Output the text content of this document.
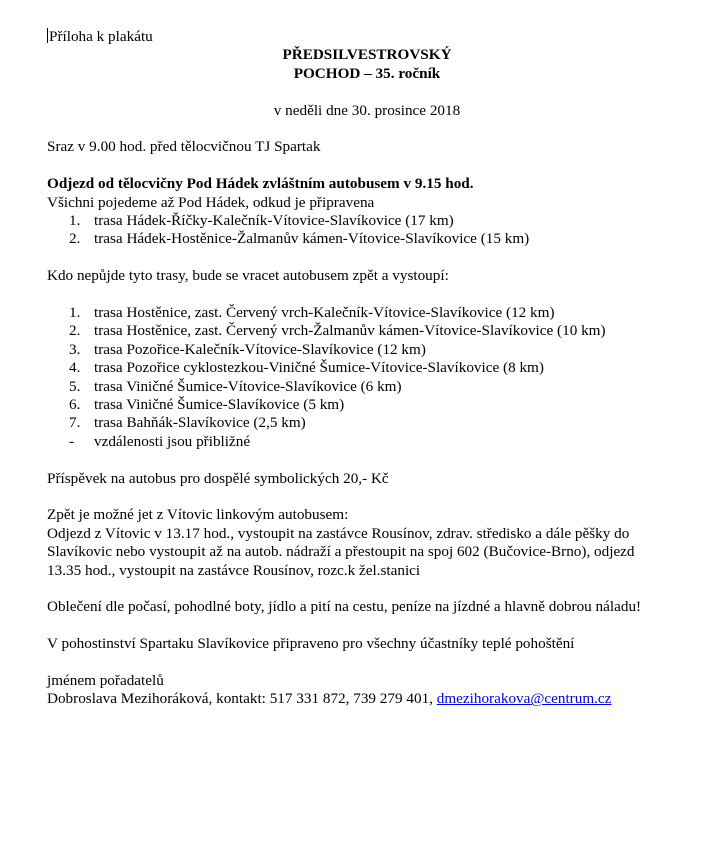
Příloha k plakátu
PŘEDSILVESTROVSKÝ
POCHOD – 35. ročník
v neděli dne 30. prosince 2018
Sraz v 9.00 hod. před tělocvičnou TJ Spartak
Odjezd od tělocvičny Pod Hádek zvláštním autobusem v 9.15 hod.
Všichni pojedeme až Pod Hádek, odkud je připravena
1. trasa Hádek-Říčky-Kalečník-Vítovice-Slavíkovice (17 km)
2. trasa Hádek-Hostěnice-Žalmanův kámen-Vítovice-Slavíkovice (15 km)
Kdo nepůjde tyto trasy, bude se vracet autobusem zpět a vystoupí:
1. trasa Hostěnice, zast. Červený vrch-Kalečník-Vítovice-Slavíkovice (12 km)
2. trasa Hostěnice, zast. Červený vrch-Žalmanův kámen-Vítovice-Slavíkovice (10 km)
3. trasa Pozořice-Kalečník-Vítovice-Slavíkovice (12 km)
4. trasa Pozořice cyklostezkou-Viničné Šumice-Vítovice-Slavíkovice (8 km)
5. trasa Viničné Šumice-Vítovice-Slavíkovice (6 km)
6. trasa Viničné Šumice-Slavíkovice (5 km)
7. trasa Bahňák-Slavíkovice (2,5 km)
- vzdálenosti jsou přibližné
Příspěvek na autobus pro dospělé symbolických 20,- Kč
Zpět je možné jet z Vítovic linkovým autobusem:
Odjezd z Vítovic v 13.17 hod., vystoupit na zastávce Rousínov, zdrav. středisko a dále pěšky do
Slavíkovic nebo vystoupit až na autob. nádraží a přestoupit na spoj 602 (Bučovice-Brno), odjezd
13.35 hod., vystoupit na zastávce Rousínov, rozc.k žel.stanici
Oblečení dle počasí, pohodlné boty, jídlo a pití na cestu, peníze na jízdné a hlavně dobrou náladu!
V pohostinství Spartaku Slavíkovice připraveno pro všechny účastníky teplé pohoštění
jménem pořadatelů
Dobroslava Mezihoráková, kontakt: 517 331 872, 739 279 401, dmezihorakova@centrum.cz
